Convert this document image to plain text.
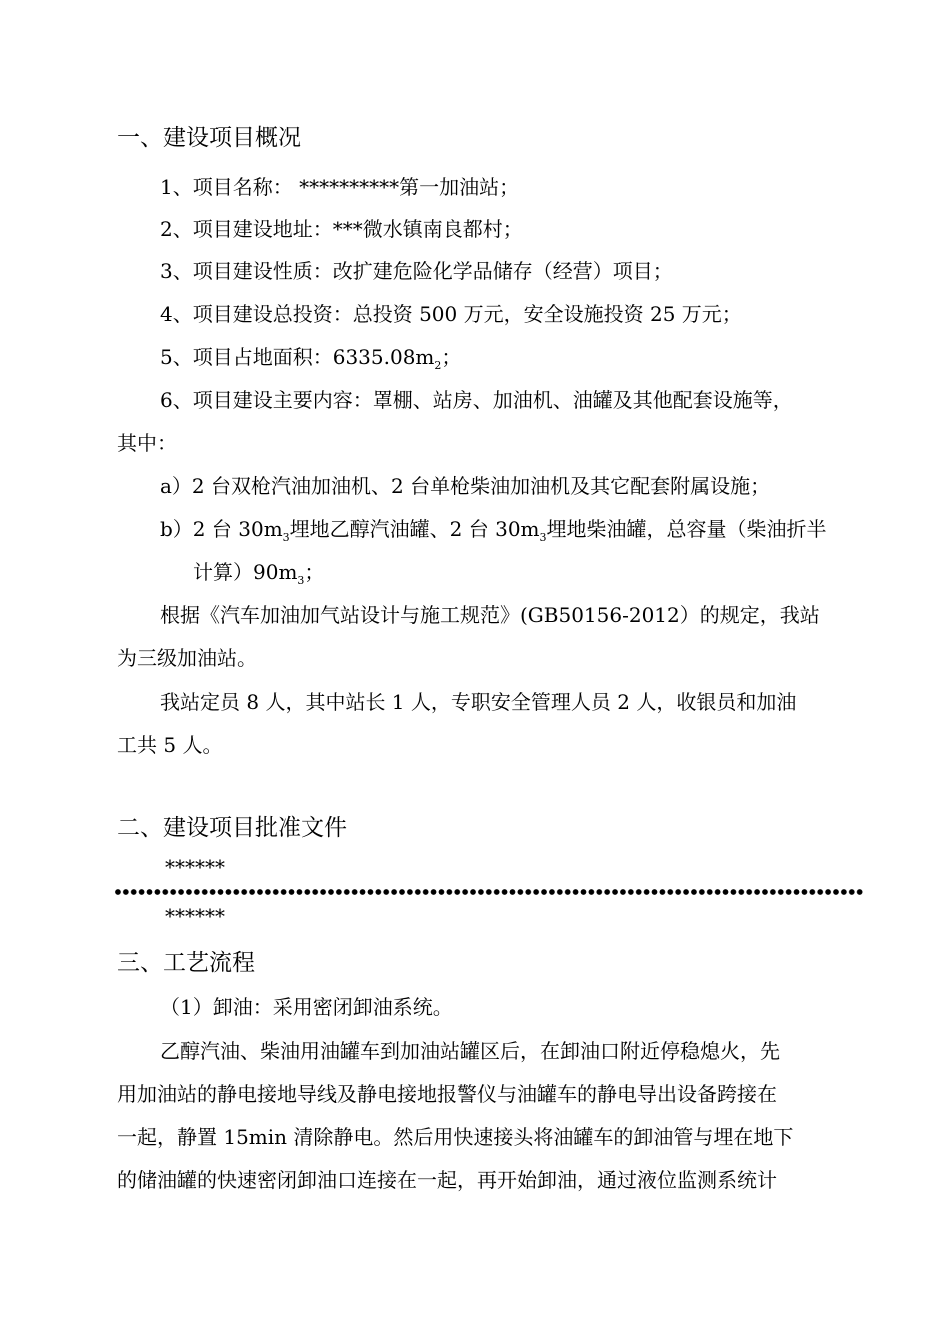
一、建设项目概况
1、项目名称： **********第一加油站；
2、项目建设地址：***微水镇南良都村；
3、项目建设性质：改扩建危险化学品储存（经营）项目；
4、项目建设总投资：总投资 500 万元，安全设施投资 25 万元；
5、项目占地面积：$6335.08m_2$；
6、项目建设主要内容：罩棚、站房、加油机、油罐及其他配套设施等，
其中：
a）2 台双枪汽油加油机、2 台单枪柴油加油机及其它配套附属设施；
b）2 台 $30m_3$埋地乙醇汽油罐、2 台 $30m_3$埋地柴油罐，总容量（柴油折半
计算）$90m_3$；
根据《汽车加油加气站设计与施工规范》(GB50156-2012）的规定，我站
为三级加油站。
我站定员 8 人，其中站长 1 人，专职安全管理人员 2 人，收银员和加油
工共 5 人。
二、建设项目批准文件
******
******
三、工艺流程
（1）卸油：采用密闭卸油系统。
乙醇汽油、柴油用油罐车到加油站罐区后，在卸油口附近停稳熄火，先
用加油站的静电接地导线及静电接地报警仪与油罐车的静电导出设备跨接在
一起，静置 15min 清除静电。然后用快速接头将油罐车的卸油管与埋在地下
的储油罐的快速密闭卸油口连接在一起，再开始卸油，通过液位监测系统计
